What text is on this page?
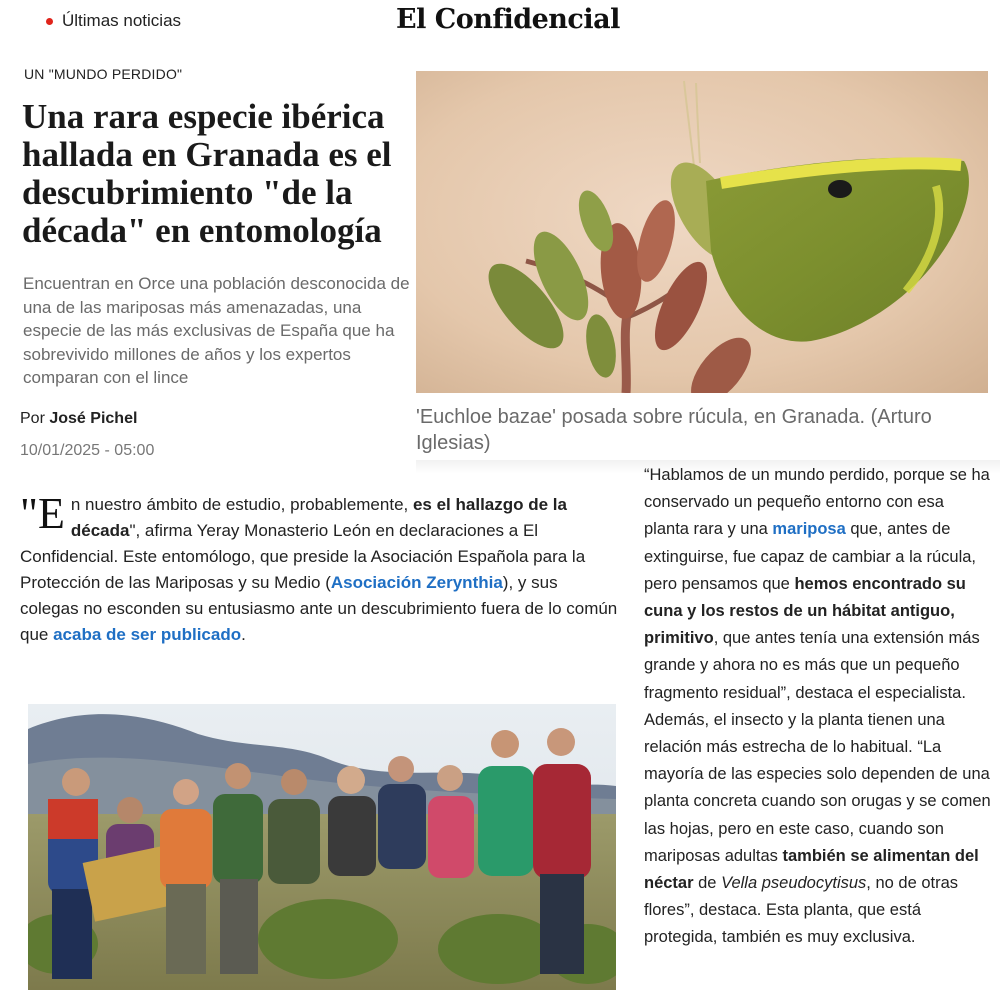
Últimas noticias	El Confidencial
UN "MUNDO PERDIDO"
Una rara especie ibérica hallada en Granada es el descubrimiento "de la década" en entomología

Encuentran en Orce una población desconocida de una de las mariposas más amenazadas, una especie de las más exclusivas de España que ha sobrevivido millones de años y los expertos comparan con el lince

Por José Pichel
10/01/2025 - 05:00
'Euchloe bazae' posada sobre rúcula, en Granada. (Arturo Iglesias)

"E n nuestro ámbito de estudio, probablemente, es el hallazgo de la década", afirma Yeray Monasterio León en declaraciones a El Confidencial. Este entomólogo, que preside la Asociación Española para la Protección de las Mariposas y su Medio (Asociación Zerynthia), y sus colegas no esconden su entusiasmo ante un descubrimiento fuera de lo común que acaba de ser publicado.

“Hablamos de un mundo perdido, porque se ha conservado un pequeño entorno con esa planta rara y una mariposa que, antes de extinguirse, fue capaz de cambiar a la rúcula, pero pensamos que hemos encontrado su cuna y los restos de un hábitat antiguo, primitivo, que antes tenía una extensión más grande y ahora no es más que un pequeño fragmento residual”, destaca el especialista. Además, el insecto y la planta tienen una relación más estrecha de lo habitual. “La mayoría de las especies solo dependen de una planta concreta cuando son orugas y se comen las hojas, pero en este caso, cuando son mariposas adultas también se alimentan del néctar de Vella pseudocytisus, no de otras flores”, destaca. Esta planta, que está protegida, también es muy exclusiva.
